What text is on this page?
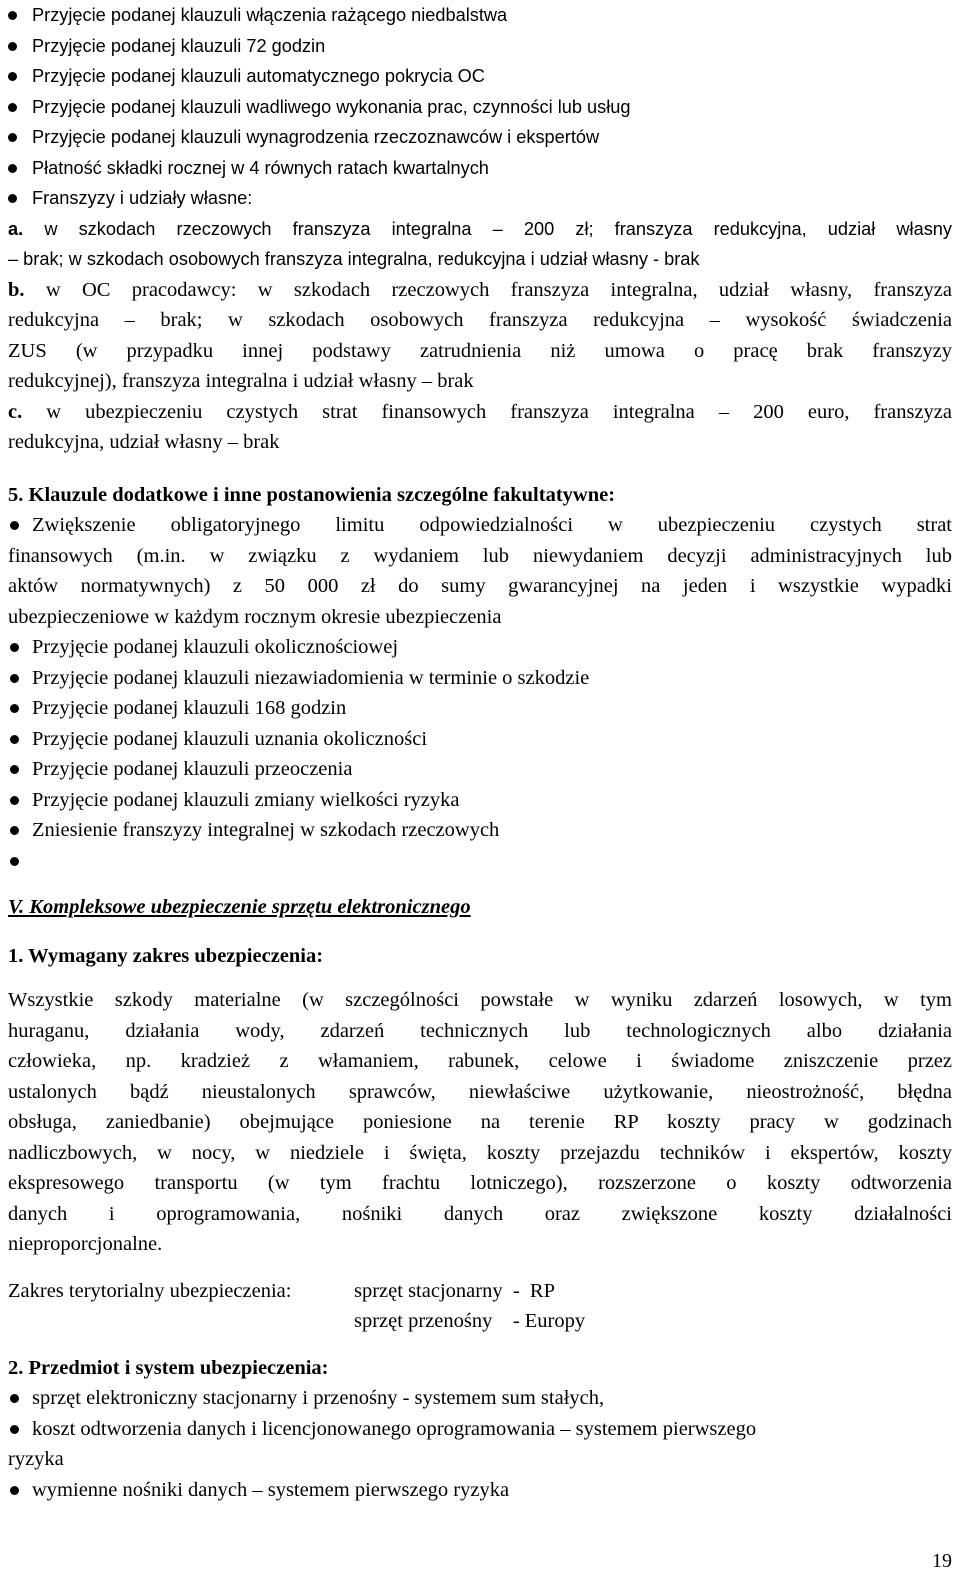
Przyjęcie podanej klauzuli włączenia rażącego niedbalstwa
Przyjęcie podanej klauzuli 72 godzin
Przyjęcie podanej klauzuli automatycznego pokrycia OC
Przyjęcie podanej klauzuli wadliwego wykonania prac, czynności lub usług
Przyjęcie podanej klauzuli wynagrodzenia rzeczoznawców i ekspertów
Płatność składki rocznej w 4 równych ratach kwartalnych
Franszyzy i udziały własne:
a. w szkodach rzeczowych franszyza integralna – 200 zł; franszyza redukcyjna, udział własny
– brak; w szkodach osobowych franszyza integralna, redukcyjna i udział własny - brak
b. w OC pracodawcy: w szkodach rzeczowych franszyza integralna, udział własny, franszyza
redukcyjna – brak; w szkodach osobowych franszyza redukcyjna – wysokość świadczenia
ZUS (w przypadku innej podstawy zatrudnienia niż umowa o pracę brak franszyzy
redukcyjnej), franszyza integralna i udział własny – brak
c. w ubezpieczeniu czystych strat finansowych franszyza integralna – 200 euro, franszyza
redukcyjna, udział własny – brak
5. Klauzule dodatkowe i inne postanowienia szczególne fakultatywne:
Zwiększenie obligatoryjnego limitu odpowiedzialności w ubezpieczeniu czystych strat
finansowych (m.in. w związku z wydaniem lub niewydaniem decyzji administracyjnych lub
aktów normatywnych) z 50 000 zł do sumy gwarancyjnej na jeden i wszystkie wypadki
ubezpieczeniowe w każdym rocznym okresie ubezpieczenia
Przyjęcie podanej klauzuli okolicznościowej
Przyjęcie podanej klauzuli niezawiadomienia w terminie o szkodzie
Przyjęcie podanej klauzuli 168 godzin
Przyjęcie podanej klauzuli uznania okoliczności
Przyjęcie podanej klauzuli przeoczenia
Przyjęcie podanej klauzuli zmiany wielkości ryzyka
Zniesienie franszyzy integralnej w szkodach rzeczowych
V. Kompleksowe ubezpieczenie sprzętu elektronicznego
1. Wymagany zakres ubezpieczenia:
Wszystkie szkody materialne (w szczególności powstałe w wyniku zdarzeń losowych, w tym
huraganu, działania wody, zdarzeń technicznych lub technologicznych albo działania
człowieka, np. kradzież z włamaniem, rabunek, celowe i świadome zniszczenie przez
ustalonych bądź nieustalonych sprawców, niewłaściwe użytkowanie, nieostrożność, błędna
obsługa, zaniedbanie) obejmujące poniesione na terenie RP koszty pracy w godzinach
nadliczbowych, w nocy, w niedziele i święta, koszty przejazdu techników i ekspertów, koszty
ekspresowego transportu (w tym frachtu lotniczego), rozszerzone o koszty odtworzenia
danych i oprogramowania, nośniki danych oraz zwiększone koszty działalności
nieproporcjonalne.
Zakres terytorialny ubezpieczenia:	sprzęt stacjonarny  -  RP
sprzęt przenośny    - Europy
2. Przedmiot i system ubezpieczenia:
sprzęt elektroniczny stacjonarny i przenośny - systemem sum stałych,
koszt odtworzenia danych i licencjonowanego oprogramowania – systemem pierwszego
ryzyka
wymienne nośniki danych – systemem pierwszego ryzyka
19
